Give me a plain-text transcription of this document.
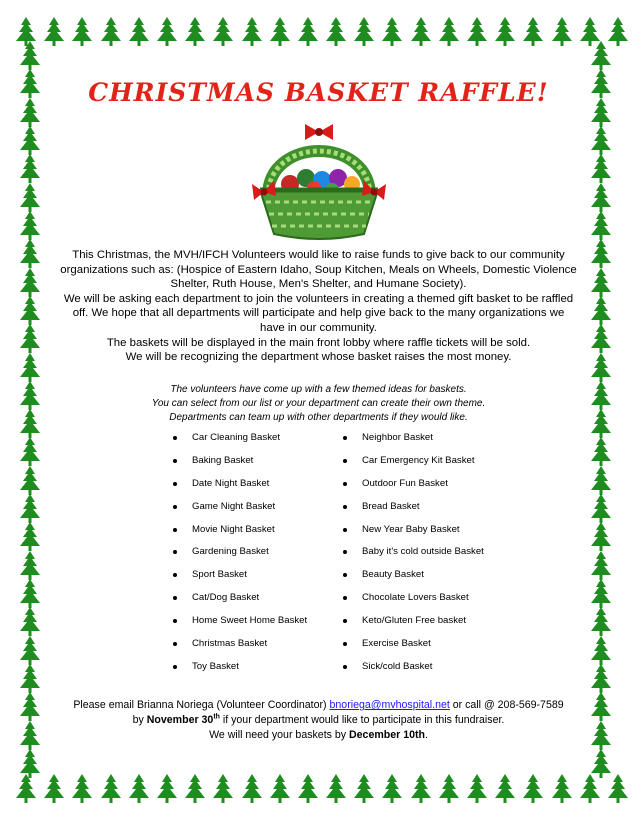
CHRISTMAS BASKET RAFFLE!

This Christmas, the MVH/IFCH Volunteers would like to raise funds to give back to our community organizations such as: (Hospice of Eastern Idaho, Soup Kitchen, Meals on Wheels, Domestic Violence Shelter, Ruth House, Men's Shelter, and Humane Society).

We will be asking each department to join the volunteers in creating a themed gift basket to be raffled off. We hope that all departments will participate and help give back to the many organizations we have in our community.

The baskets will be displayed in the main front lobby where raffle tickets will be sold.

We will be recognizing the department whose basket raises the most money.

The volunteers have come up with a few themed ideas for baskets.

You can select from our list or your department can create their own theme.

Departments can team up with other departments if they would like.

Car Cleaning Basket
Baking Basket
Date Night Basket
Game Night Basket
Movie Night Basket
Gardening Basket
Sport Basket
Cat/Dog Basket
Home Sweet Home Basket
Christmas Basket
Toy Basket
Neighbor Basket
Car Emergency Kit Basket
Outdoor Fun Basket
Bread Basket
New Year Baby Basket
Baby it's cold outside Basket
Beauty Basket
Chocolate Lovers Basket
Keto/Gluten Free basket
Exercise Basket
Sick/cold Basket

Please email Brianna Noriega (Volunteer Coordinator) bnoriega@mvhospital.net or call @ 208-569-7589

by November 30th if your department would like to participate in this fundraiser.

We will need your baskets by December 10th.
